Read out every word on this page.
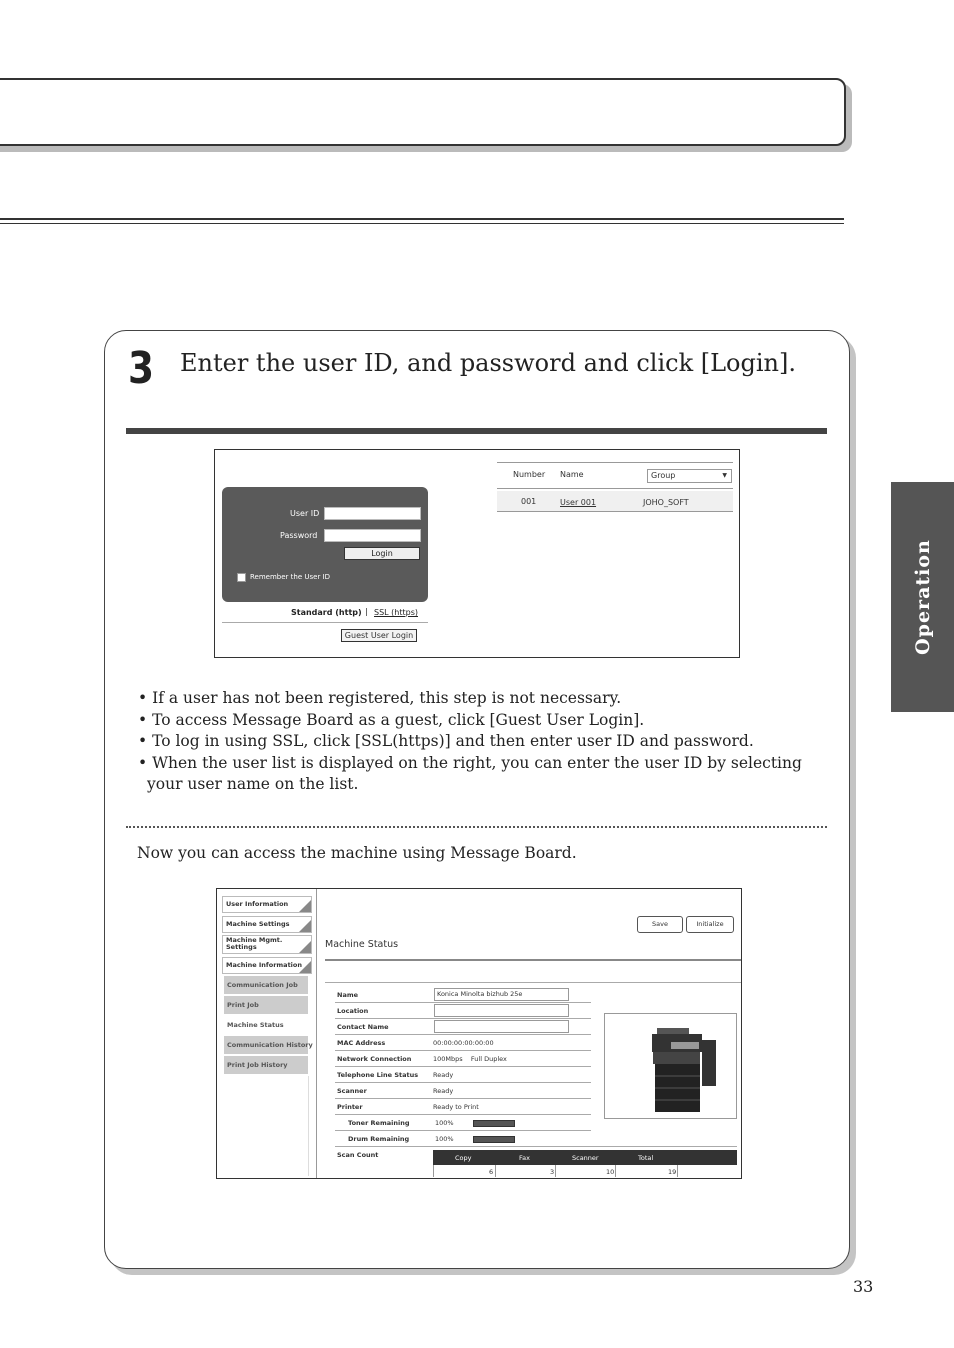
Operation
3 Enter the user ID, and password and click [Login].
User ID
Password
Login
Remember the User ID
Standard (http) | SSL (https)
Guest User Login
Number Name	Group	▼
001	User 001	JOHO_SOFT

• If a user has not been registered, this step is not necessary.

• To access Message Board as a guest, click [Guest User Login].

• To log in using SSL, click [SSL(https)] and then enter user ID and password.

• When the user list is displayed on the right, you can enter the user ID by selecting your user name on the list.

Now you can access the machine using Message Board.
User Information
Machine Settings
Machine Mgmt. Settings
Machine Information
Communication Job
Print Job
Machine Status
Communication History
Print Job History
Save	Initialize
Machine Status
Name	Konica Minolta bizhub 25e
Location
Contact Name
MAC Address	00:00:00:00:00:00
Network Connection	100Mbps    Full Duplex
Telephone Line Status Ready
Scanner	Ready
Printer	Ready to Print
Toner Remaining	100%
Drum Remaining	100%
Scan Count	Copy	Fax	Scanner	Total
6	3	10	19
33
